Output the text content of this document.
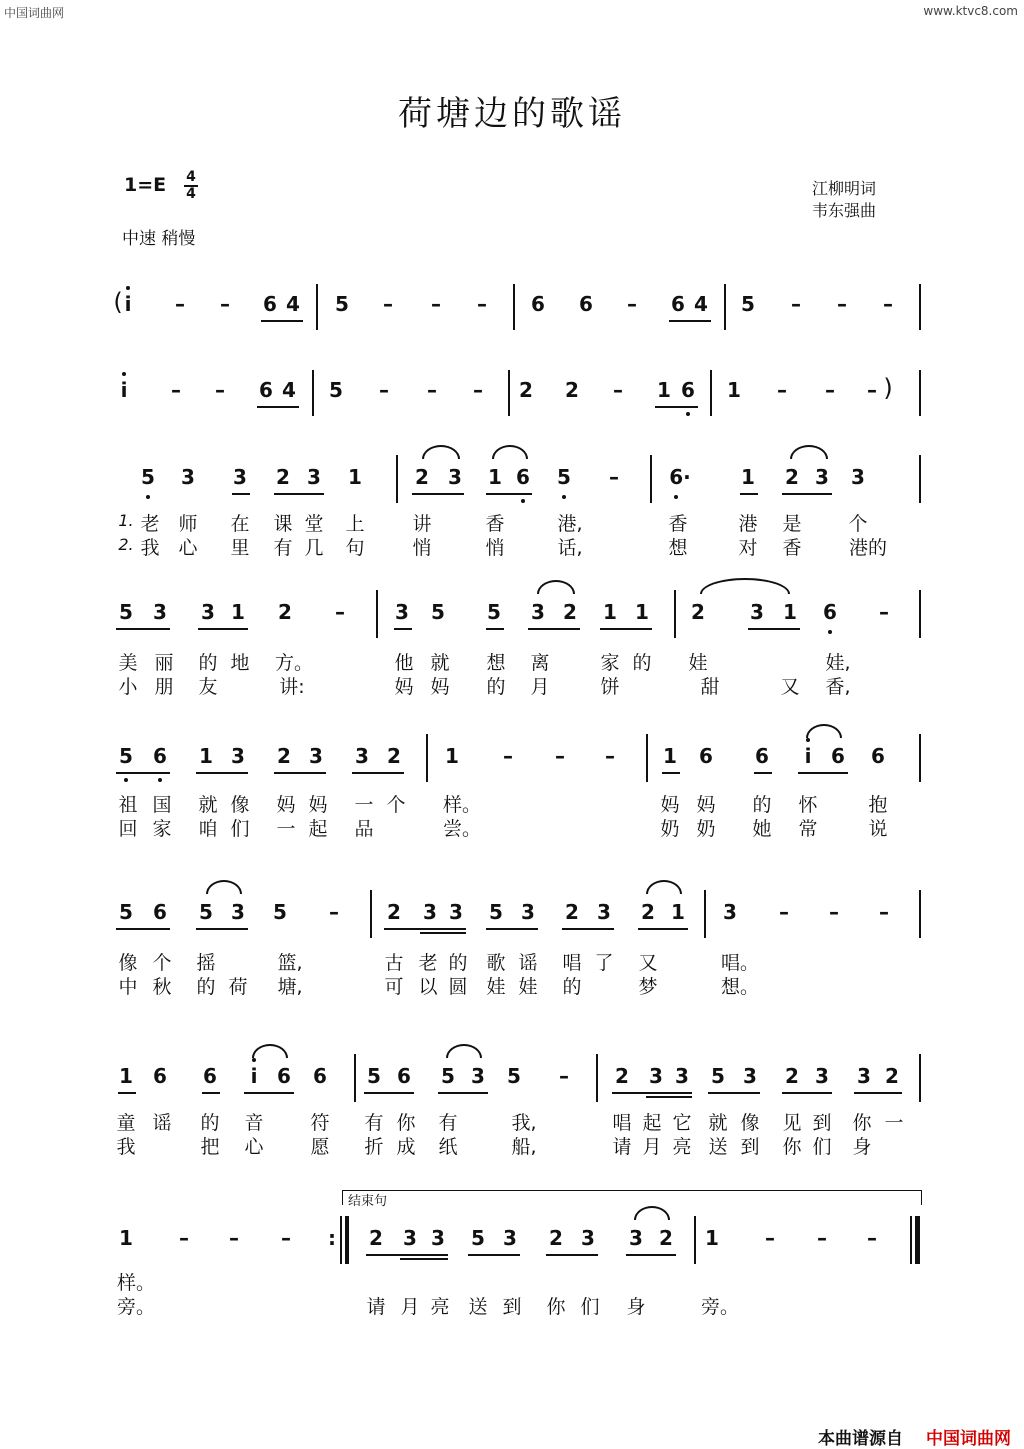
中国词曲网	www.ktvc8.com
荷塘边的歌谣
1=E 4
4
中速 稍慢
江柳明词
韦东强曲
( i – – 6 4 5 – – – 6 6 – 6 4 5 – – –
i – – 6 4 5 – – – 2 2 – 1 6 1 – – – )
5 3 3 2 3 1	2 3 1 6 5 –	6·	1 2 3 3
1. 老 师 在 课 堂 上	讲	香	港,	香	港 是 个
2. 我 心 里 有 几 句	悄	悄	话,	想	对 香 港的
5 3 3 1 2 –	3 5 5 3 2 1 1 2 3 1 6 –
美 丽 的 地 方。	他 就 想 离	家 的 娃	娃,
小 朋 友	讲:	妈 妈 的 月	饼	甜	又 香,
5 6 1 3 2 3 3 2 1 – – – 1 6 6 i 6 6
祖 国 就 像 妈 妈 一 个 样。	妈 妈 的 怀	抱
回 家 咱 们 一 起 品	尝。	奶 奶 她 常	说
5 6 5 3 5 – 2 3 3 5 3 2 3 2 1 3 – – –
像 个 摇	篮,	古 老 的 歌 谣 唱 了 又	唱。
中 秋 的 荷 塘,	可 以 圆 娃 娃 的	梦	想。
1 6 6 i 6 6 5 6 5 3 5 – 2 3 3 5 3 2 3 3 2
童 谣 的 音 符 有 你 有	我,	唱 起 它 就 像 见 到 你 一
我	把 心 愿 折 成 纸	船,	请 月 亮 送 到 你 们 身
结束句
1 – – – : 2 3 3 5 3 2 3 3 2 1 – – –
样。
旁。	请 月 亮 送 到 你 们 身	旁。
本曲谱源自 中国词曲网
